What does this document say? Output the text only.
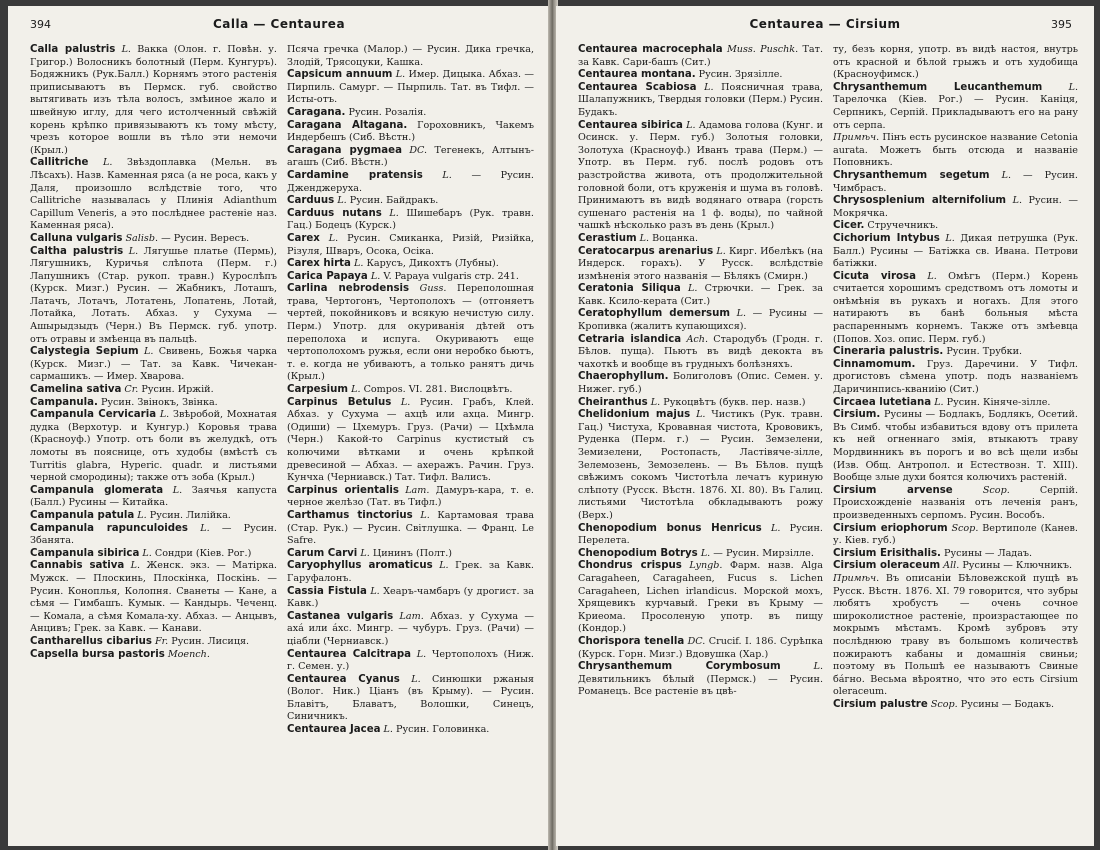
394	Calla — Centaurea

Calla palustris L. Вакка (Олон. г. Повѣн. у. Григор.) Волосникъ болотный (Перм. Кунгуръ). Бодяжникъ (Рук.Балл.) Корнямъ этого растенія приписываютъ въ Пермск. губ. свойство вытягивать изъ тѣла волосъ, змѣиное жало и швейную иглу, для чего истолченный свѣжій корень крѣпко привязываютъ къ тому мѣсту, чрезъ которое вошли въ тѣло эти немочи (Крыл.)

Callitriche L. Звѣздоплавка (Мельн. въ Лѣсахъ). Назв. Каменная ряса (а не роса, какъ у Даля, произошло вслѣдствіе того, что Callitriche называлась у Плинія Adianthum Capillum Veneris, а это послѣднее растеніе наз. Каменная ряса).

Calluna vulgaris Salisb. — Русин. Вересъ.

Caltha palustris L. Лягушье платье (Пермь), Лягушникъ, Куричья слѣпота (Перм. г.) Лапушникъ (Стар. рукоп. травн.) Курослѣпъ (Курск. Мизг.) Русин. — Жабникъ, Лоташъ, Латачъ, Лотачъ, Лотатень, Лопатень, Лотай, Лотайка, Лотать. Абхаз. у Сухума — Ашырыдзыдъ (Черн.) Въ Пермск. губ. употр. отъ отравы и змѣенца въ пальцѣ.

Calystegia Sepium L. Свивень, Божья чарка (Курск. Мизг.) — Тат. за Кавк. Чичекан-сармашикъ. — Имер. Хварова.

Camelina sativa Cr. Русин. Иржій.

Campanula. Русин. Звінокъ, Звінка.

Campanula Cervicaria L. Звѣробой, Мохнатая дудка (Верхотур. и Кунгур.) Коровья трава (Красноуф.) Употр. отъ боли въ желудкѣ, отъ ломоты въ пояснице, отъ худобы (вмѣстѣ съ Turritis glabra, Hyperic. quadr. и листьями черной смородины); также отъ зоба (Крыл.)

Campanula glomerata L. Заячья капуста (Балл.) Русины — Китайка.

Campanula patula L. Русин. Лилійка.

Campanula rapunculoides L. — Русин. Збанята.

Campanula sibirica L. Сондри (Кіев. Рог.)

Cannabis sativa L. Женск. экз. — Матірка. Мужск. — Плоскинь, Плоскінка, Поскінь. — Русин. Коноплья, Колопня. Сванеты — Кане, а сѣмя — Гимбашъ. Кумык. — Кандырь. Чеченц. — Комала, а сѣмя Комала-ху. Абхаз. — Анцывъ, Анцивъ; Грек. за Кавк. — Канави.

Cantharellus cibarius Fr. Русин. Лисиця.

Capsella bursa pastoris Moench.

Псяча гречка (Малор.) — Русин. Дика гречка, Злодій, Трясоцуки, Кашка.

Capsicum annuum L. Имер. Дицыка. Абхаз. — Пирпиль. Самург. — Пырпиль. Тат. въ Тифл. — Исты-отъ.

Caragana. Русин. Розалія.

Caragana Altagana. Гороховникъ, Чакемъ Индербешъ (Сиб. Вѣстн.)

Caragana pygmaea DC. Тегенекъ, Алтынъ-агашъ (Сиб. Вѣстн.)

Cardamine pratensis L. — Русин. Дженджеруха.

Carduus L. Русин. Байдракъ.

Carduus nutans L. Шишебаръ (Рук. травн. Гац.) Бодецъ (Курск.)

Carex L. Русин. Смиканка, Ризій, Ризійка, Різуля, Шваръ, Осока, Осіка.

Carex hirta L. Карусъ, Дикохтъ (Лубны).

Carica Papaya L. V. Papaya vulgaris стр. 241.

Carlina nebrodensis Guss. Переполошная трава, Чертогонъ, Чертополохъ — (отгоняетъ чертей, покойниковъ и всякую нечистую силу. Перм.) Употр. для окуриванія дѣтей отъ переполоха и испуга. Окуриваютъ еще чертополохомъ ружья, если они неробко бьютъ, т. е. когда не убиваютъ, а только ранятъ дичь (Крыл.)

Carpesium L. Compos. VI. 281. Вислоцвѣтъ.

Carpinus Betulus L. Русин. Грабъ, Клей. Абхаз. у Сухума — ахцѣ или ахца. Мингр. (Одиши) — Цхемуръ. Груз. (Рачи) — Цхѣмла (Черн.) Какой-то Carpinus кустистый съ колючими вѣтками и очень крѣпкой древесиной — Абхаз. — ахеражъ. Рачин. Груз. Кунчха (Черниавск.) Тат. Тифл. Валисъ.

Carpinus orientalis Lam. Дамуръ-кара, т. е. черное желѣзо (Тат. въ Тифл.)

Carthamus tinctorius L. Картамовая трава (Стар. Рук.) — Русин. Світлушка. — Франц. Le Safre.

Carum Carvi L. Цининъ (Полт.)

Caryophyllus aromaticus L. Грек. за Кавк. Гаруфалонъ.

Cassia Fistula L. Хеаръ-чамбаръ (у дрогист. за Кавк.)

Castanea vulgaris Lam. Абхаз. у Сухума — ахá или áхс. Мингр. — чубуръ. Груз. (Рачи) — ціабли (Черниавск.)

Centaurea Calcitrapa L. Чертополохъ (Ниж. г. Семен. у.)

Centaurea Cyanus L. Синюшки ржаныя (Волог. Ник.) Ціанъ (въ Крыму). — Русин. Блавітъ, Блаватъ, Волошки, Синецъ, Синичникъ.

Centaurea Jacea L. Русин. Головинка.

Centaurea — Cirsium	395

Centaurea macrocephala Muss. Puschk. Тат. за Кавк. Сари-башъ (Сит.)

Centaurea montana. Русин. Зрязілле.

Centaurea Scabiosa L. Поясничная трава, Шалапужникъ, Твердыя головки (Перм.) Русин. Будакъ.

Centaurea sibirica L. Адамова голова (Кунг. и Осинск. у. Перм. губ.) Золотыя головки, Золотуха (Красноуф.) Иванъ трава (Перм.) — Употр. въ Перм. губ. послѣ родовъ отъ разстройства живота, отъ продолжительной головной боли, отъ круженія и шума въ головѣ. Принимаютъ въ видѣ водянаго отвара (горсть сушенаго растенія на 1 ф. воды), по чайной чашкѣ нѣсколько разъ въ день (Крыл.)

Cerastium L. Воцанка.

Ceratocarpus arenarius L. Кирг. Ибелѣкъ (на Индерск. горахъ). У Русск. вслѣдствіе измѣненія этого названія — Бѣлякъ (Смирн.)

Ceratonia Siliqua L. Стрючки. — Грек. за Кавк. Ксило-керата (Сит.)

Ceratophyllum demersum L. — Русины — Кропивка (жалитъ купающихся).

Cetraria islandica Ach. Стародубъ (Гродн. г. Бѣлов. пуща). Пьютъ въ видѣ декокта въ чахоткѣ и вообще въ грудныхъ болѣзняхъ.

Chaerophyllum. Болиголовъ (Опис. Семен. у. Нижег. губ.)

Cheiranthus L. Рукоцвѣтъ (букв. пер. назв.)

Chelidonium majus L. Чистикъ (Рук. травн. Гац.) Чистуха, Кровавная чистота, Крововикъ, Руденка (Перм. г.) — Русин. Земзелени, Земизелени, Ростопасть, Ластівяче-зілле, Зелемозень, Земозелень. — Въ Бѣлов. пущѣ свѣжимъ сокомъ Чистотѣла лечатъ куриную слѣпоту (Русск. Вѣстн. 1876. XI. 80). Въ Галиц. листьями Чистотѣла обкладываютъ рожу (Верх.)

Chenopodium bonus Henricus L. Русин. Перелета.

Chenopodium Botrys L. — Русин. Мирзілле.

Chondrus crispus Lyngb. Фарм. назв. Alga Caragaheen, Caragaheen, Fucus s. Lichen Caragaheen, Lichen irlandicus. Морской мохъ, Хрящевикъ курчавый. Греки въ Крыму — Криеома. Просоленую употр. въ пищу (Кондор.)

Chorispora tenella DC. Crucif. I. 186. Сурѣпка (Курск. Горн. Мизг.) Вдовушка (Хар.)

Chrysanthemum Corymbosum	L. Девятильникъ бѣлый (Пермск.) — Русин. Романецъ. Все растеніе въ цвѣ-

ту, безъ корня, употр. въ видѣ настоя, внутрь отъ красной и бѣлой грыжъ и отъ худобища (Красноуфимск.)

Chrysanthemum Leucanthemum	L. Тарелочка (Кіев. Рог.) — Русин. Каніця, Серпникъ, Серпій. Прикладываютъ его на рану отъ серпа.

Примѣч. Пінъ есть русинское название Cetonia aurata. Можетъ быть отсюда и названіе Поповникъ.

Chrysanthemum segetum L. — Русин. Чимбрасъ.

Chrysosplenium alternifolium L. Русин. — Мокрячка.

Cicer. Стручечникъ.

Cichorium Intybus L. Дикая петрушка (Рук. Балл.) Русины — Батіжка св. Ивана. Петрови батіжки.

Cicuta virosa L. Омѣгъ (Перм.) Корень считается хорошимъ средствомъ отъ ломоты и онѣмѣнія въ рукахъ и ногахъ. Для этого натираютъ въ банѣ больныя мѣста распареннымъ корнемъ. Также отъ змѣевца (Попов. Хоз. опис. Перм. губ.)

Cineraria palustris. Русин. Трубки.

Cinnamomum. Груз. Даречини. У Тифл. дрогистовъ сѣмена употр. подъ названіемъ Даричинпись-кваниію (Сит.)

Circaea lutetiana L. Русин. Кіняче-зілле.

Cirsium. Русины — Бодлакъ, Бодлякъ, Осетий. Въ Симб. чтобы избавиться вдову отъ прилета къ ней огненнаго змія, втыкаютъ траву Мордвинникъ въ порогъ и во всѣ щели избы (Изв. Общ. Антропол. и Естествозн. Т. XIII). Вообще злые духи боятся колючихъ растеній.

Cirsium arvense	Scop.	Серпій. Происхожденіе названія отъ леченія ранъ, произведенныхъ серпомъ. Русин. Вособъ.

Cirsium eriophorum Scop. Вертиполе (Канев. у. Кіев. губ.)

Cirsium Erisithalis. Русины — Ладаъ.

Cirsium oleraceum All. Русины — Ключникъ.

Примѣч. Въ описаніи Бѣловежской пущѣ въ Русск. Вѣстн. 1876. XI. 79 говорится, что зубры любятъ хробустъ — очень сочное широколистное растеніе, произрастающее по мокрымъ мѣстамъ. Кромѣ зубровъ эту послѣднюю траву въ большомъ количествѣ пожираютъ кабаны и домашнія свиньи; поэтому въ Польшѣ ее называютъ Свиные бáгно. Весьма вѣроятно, что это есть Cirsium oleraceum.

Cirsium palustre Scop. Русины — Бодакъ.
